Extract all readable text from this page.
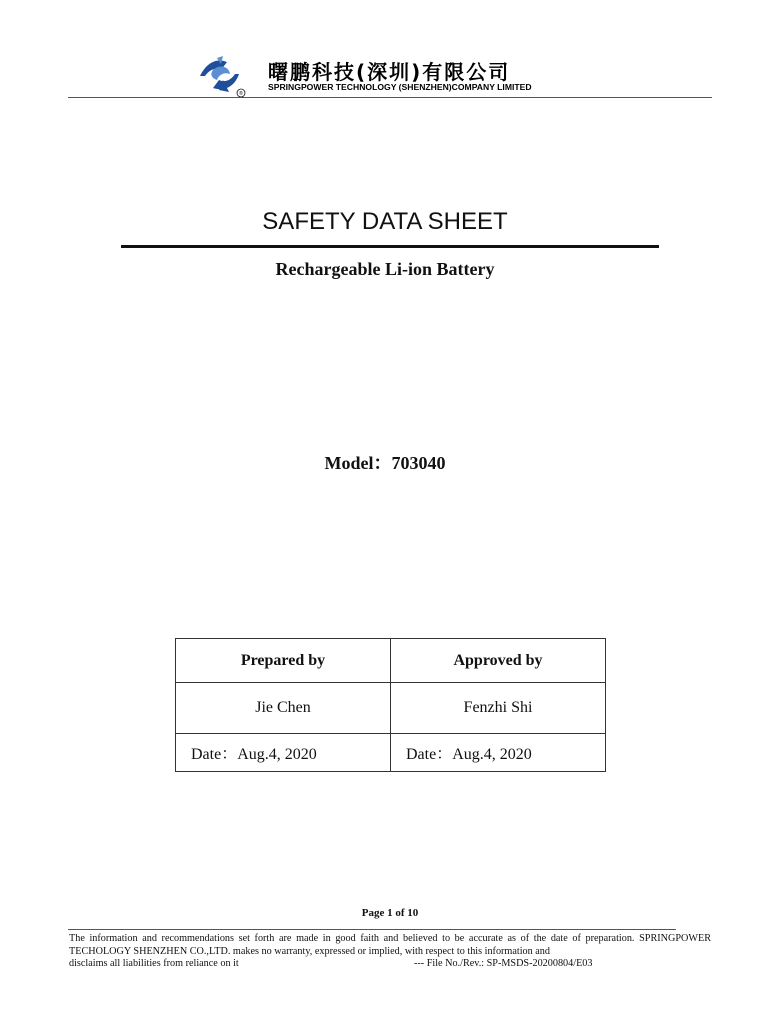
®
曙鹏科技(深圳)有限公司
SPRINGPOWER TECHNOLOGY (SHENZHEN)COMPANY LIMITED
SAFETY DATA SHEET
Rechargeable Li-ion Battery
Model：703040
Prepared by	Approved by
Jie Chen	Fenzhi Shi
Date：Aug.4, 2020	Date：Aug.4, 2020
Page 1 of 10
The information and recommendations set forth are made in good faith and believed to be accurate as of the date of preparation. SPRINGPOWER TECHOLOGY SHENZHEN CO.,LTD. makes no warranty, expressed or implied, with respect to this information and
disclaims all liabilities from reliance on it	--- File No./Rev.: SP-MSDS-20200804/E03
